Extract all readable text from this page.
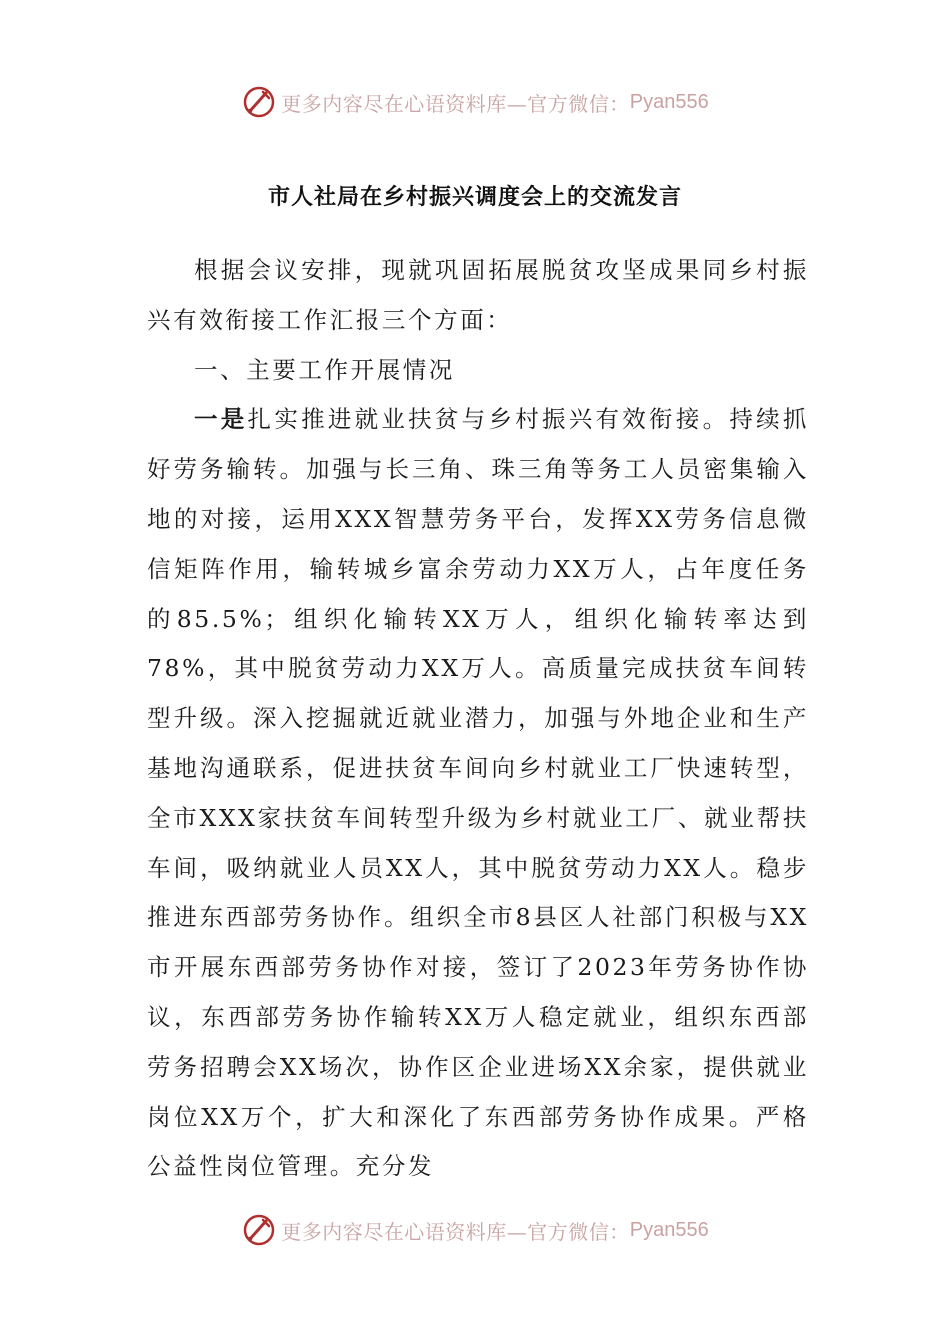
更多内容尽在心语资料库—官方微信： Pyan556
市人社局在乡村振兴调度会上的交流发言

根据会议安排，现就巩固拓展脱贫攻坚成果同乡村振兴有效衔接工作汇报三个方面：

一、主要工作开展情况

一是扎实推进就业扶贫与乡村振兴有效衔接。持续抓好劳务输转。加强与长三角、珠三角等务工人员密集输入地的对接，运用XXX智慧劳务平台，发挥XX劳务信息微信矩阵作用，输转城乡富余劳动力XX万人，占年度任务的85.5%；组织化输转XX万人，组织化输转率达到78%，其中脱贫劳动力XX万人。高质量完成扶贫车间转型升级。深入挖掘就近就业潜力，加强与外地企业和生产基地沟通联系，促进扶贫车间向乡村就业工厂快速转型，全市XXX家扶贫车间转型升级为乡村就业工厂、就业帮扶车间，吸纳就业人员XX人，其中脱贫劳动力XX人。稳步推进东西部劳务协作。组织全市8县区人社部门积极与XX市开展东西部劳务协作对接，签订了2023年劳务协作协议，东西部劳务协作输转XX万人稳定就业，组织东西部劳务招聘会XX场次，协作区企业进场XX余家，提供就业岗位XX万个，扩大和深化了东西部劳务协作成果。严格公益性岗位管理。充分发

更多内容尽在心语资料库—官方微信： Pyan556
